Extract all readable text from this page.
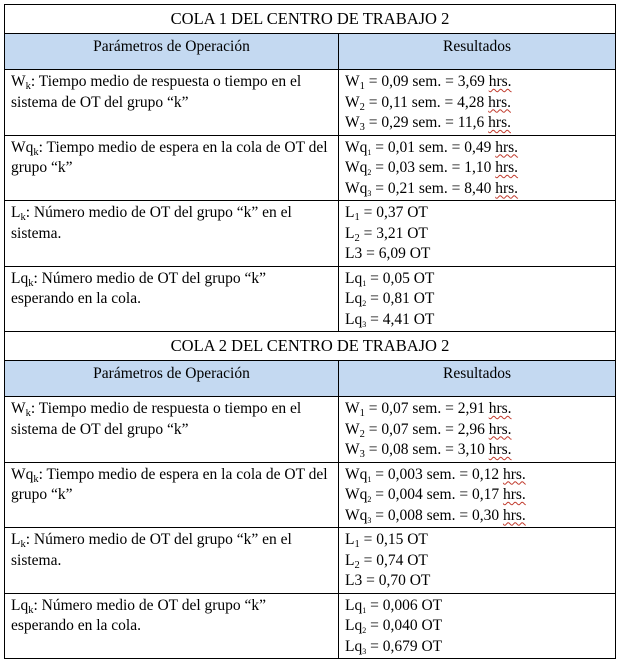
COLA 1 DEL CENTRO DE TRABAJO 2	
Parámetros de Operación	Resultados
$W_k$: Tiempo medio de respuesta o tiempo en el sistema de OT del grupo “k”	$W_1 = 0,09$ sem. = 3,69 hrs.
$W_2 = 0,11$ sem. = 4,28 hrs.
$W_3 = 0,29$ sem. = 11,6 hrs.

$Wq_k$: Tiempo medio de espera en la cola de OT del grupo “k”	$Wq_1 = 0,01$ sem. = 0,49 hrs.
$Wq_2 = 0,03$ sem. = 1,10 hrs.
$Wq_3 = 0,21$ sem. = 8,40 hrs.

$L_k$: Número medio de OT del grupo “k” en el sistema.	$L_1 = 0,37$ OT
$L_2 = 3,21$ OT
L3 = 6,09 OT

$Lq_k$: Número medio de OT del grupo “k” esperando en la cola.	$Lq_1 = 0,05$ OT
$Lq_2 = 0,81$ OT
$Lq_3 = 4,41$ OT

COLA 2 DEL CENTRO DE TRABAJO 2	
Parámetros de Operación	Resultados
$W_k$: Tiempo medio de respuesta o tiempo en el sistema de OT del grupo “k”	$W_1 = 0,07$ sem. = 2,91 hrs.
$W_2 = 0,07$ sem. = 2,96 hrs.
$W_3 = 0,08$ sem. = 3,10 hrs.

$Wq_k$: Tiempo medio de espera en la cola de OT del grupo “k”	$Wq_1 = 0,003$ sem. = 0,12 hrs.
$Wq_2 = 0,004$ sem. = 0,17 hrs.
$Wq_3 = 0,008$ sem. = 0,30 hrs.

$L_k$: Número medio de OT del grupo “k” en el sistema.	$L_1 = 0,15$ OT
$L_2 = 0,74$ OT
L3 = 0,70 OT

$Lq_k$: Número medio de OT del grupo “k” esperando en la cola.	$Lq_1 = 0,006$ OT
$Lq_2 = 0,040$ OT
$Lq_3 = 0,679$ OT
